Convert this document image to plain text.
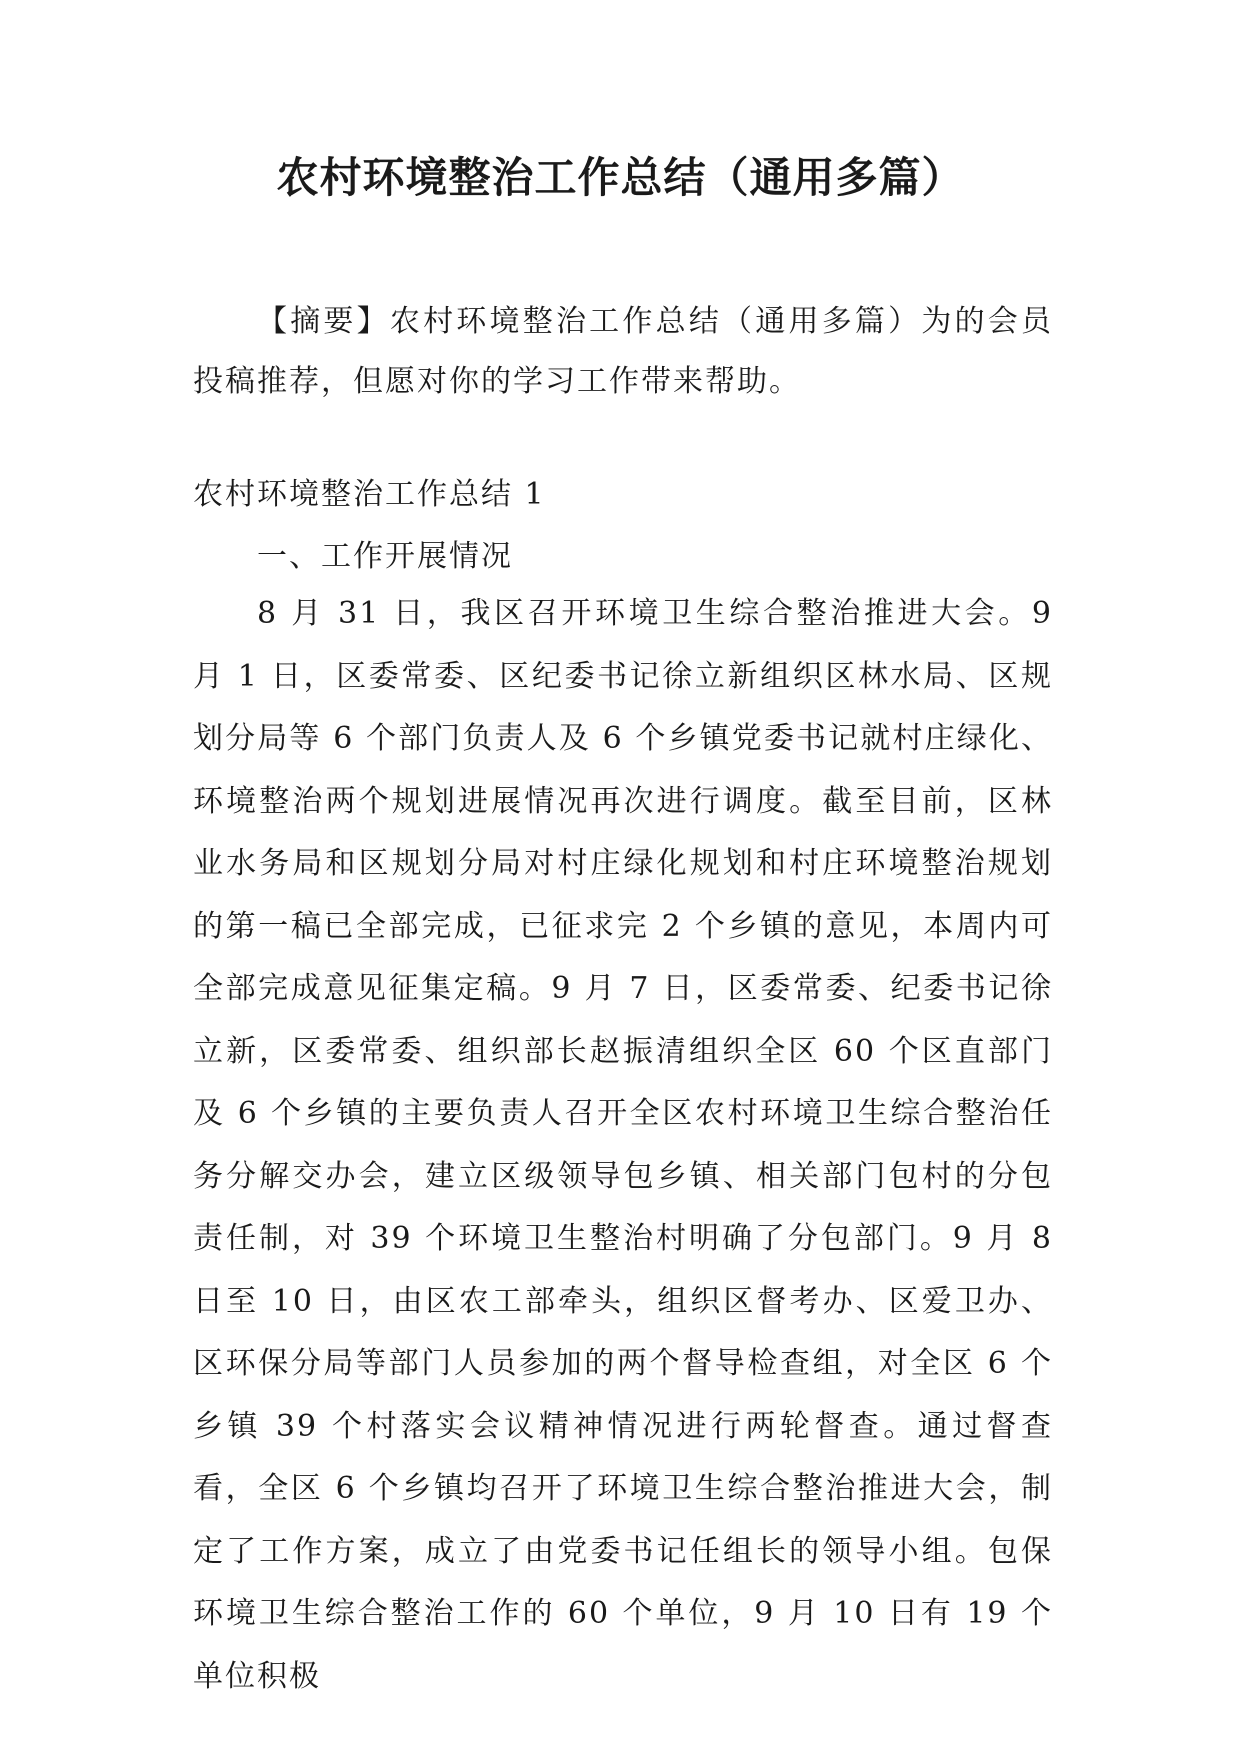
农村环境整治工作总结（通用多篇）

【摘要】农村环境整治工作总结（通用多篇）为的会员投稿推荐，但愿对你的学习工作带来帮助。

农村环境整治工作总结 1

一、工作开展情况

8 月 31 日，我区召开环境卫生综合整治推进大会。9 月 1 日，区委常委、区纪委书记徐立新组织区林水局、区规划分局等 6 个部门负责人及 6 个乡镇党委书记就村庄绿化、环境整治两个规划进展情况再次进行调度。截至目前，区林业水务局和区规划分局对村庄绿化规划和村庄环境整治规划的第一稿已全部完成，已征求完 2 个乡镇的意见，本周内可全部完成意见征集定稿。9 月 7 日，区委常委、纪委书记徐立新，区委常委、组织部长赵振清组织全区 60 个区直部门及 6 个乡镇的主要负责人召开全区农村环境卫生综合整治任务分解交办会，建立区级领导包乡镇、相关部门包村的分包责任制，对 39 个环境卫生整治村明确了分包部门。9 月 8 日至 10 日，由区农工部牵头，组织区督考办、区爱卫办、区环保分局等部门人员参加的两个督导检查组，对全区 6 个乡镇 39 个村落实会议精神情况进行两轮督查。通过督查看，全区 6 个乡镇均召开了环境卫生综合整治推进大会，制定了工作方案，成立了由党委书记任组长的领导小组。包保环境卫生综合整治工作的 60 个单位，9 月 10 日有 19 个单位积极
